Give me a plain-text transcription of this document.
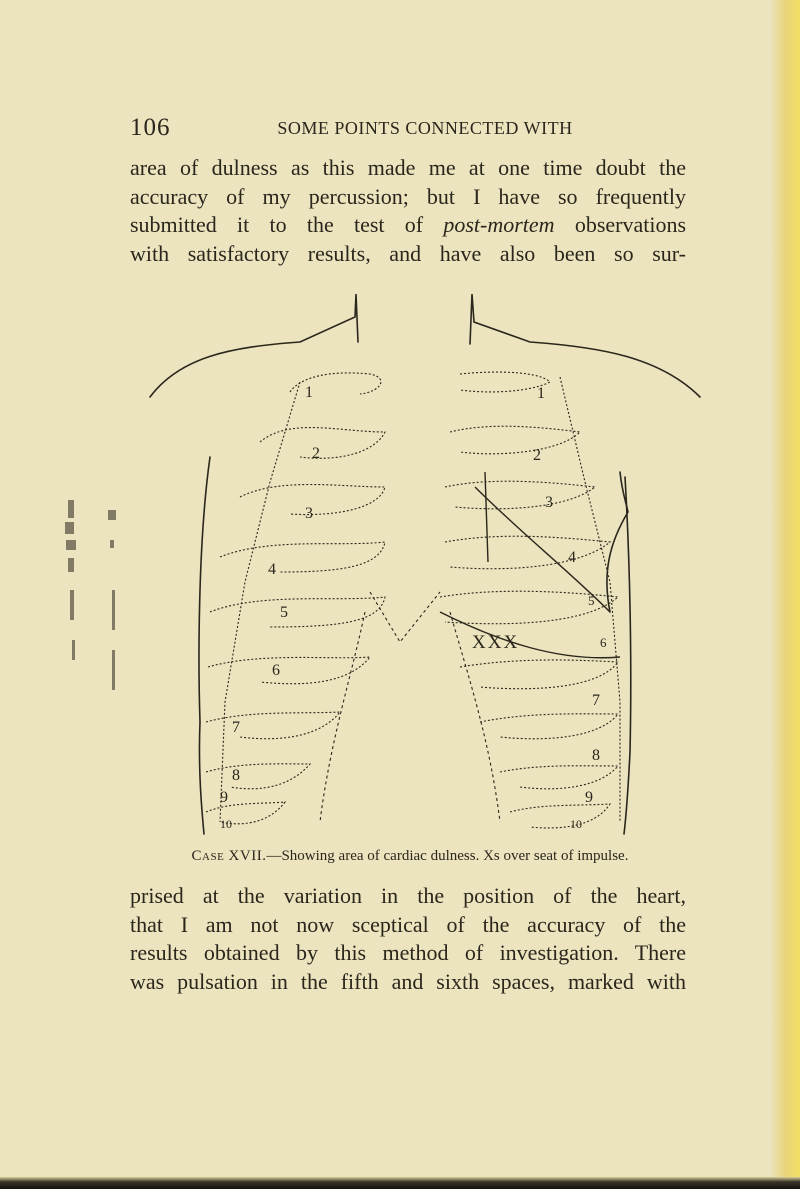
106	SOME POINTS CONNECTED WITH
area of dulness as this made me at one time doubt the
accuracy of my percussion; but I have so frequently
submitted it to the test of post-mortem observations
with satisfactory results, and have also been so sur-
1
2
3
4
5
6
7
8
9
10
1
2
3
4
5
6
7
8
9
10
XXX
Case XVII.—Showing area of cardiac dulness. Xs over seat of impulse.
prised at the variation in the position of the heart,
that I am not now sceptical of the accuracy of the
results obtained by this method of investigation. There
was pulsation in the fifth and sixth spaces, marked with
